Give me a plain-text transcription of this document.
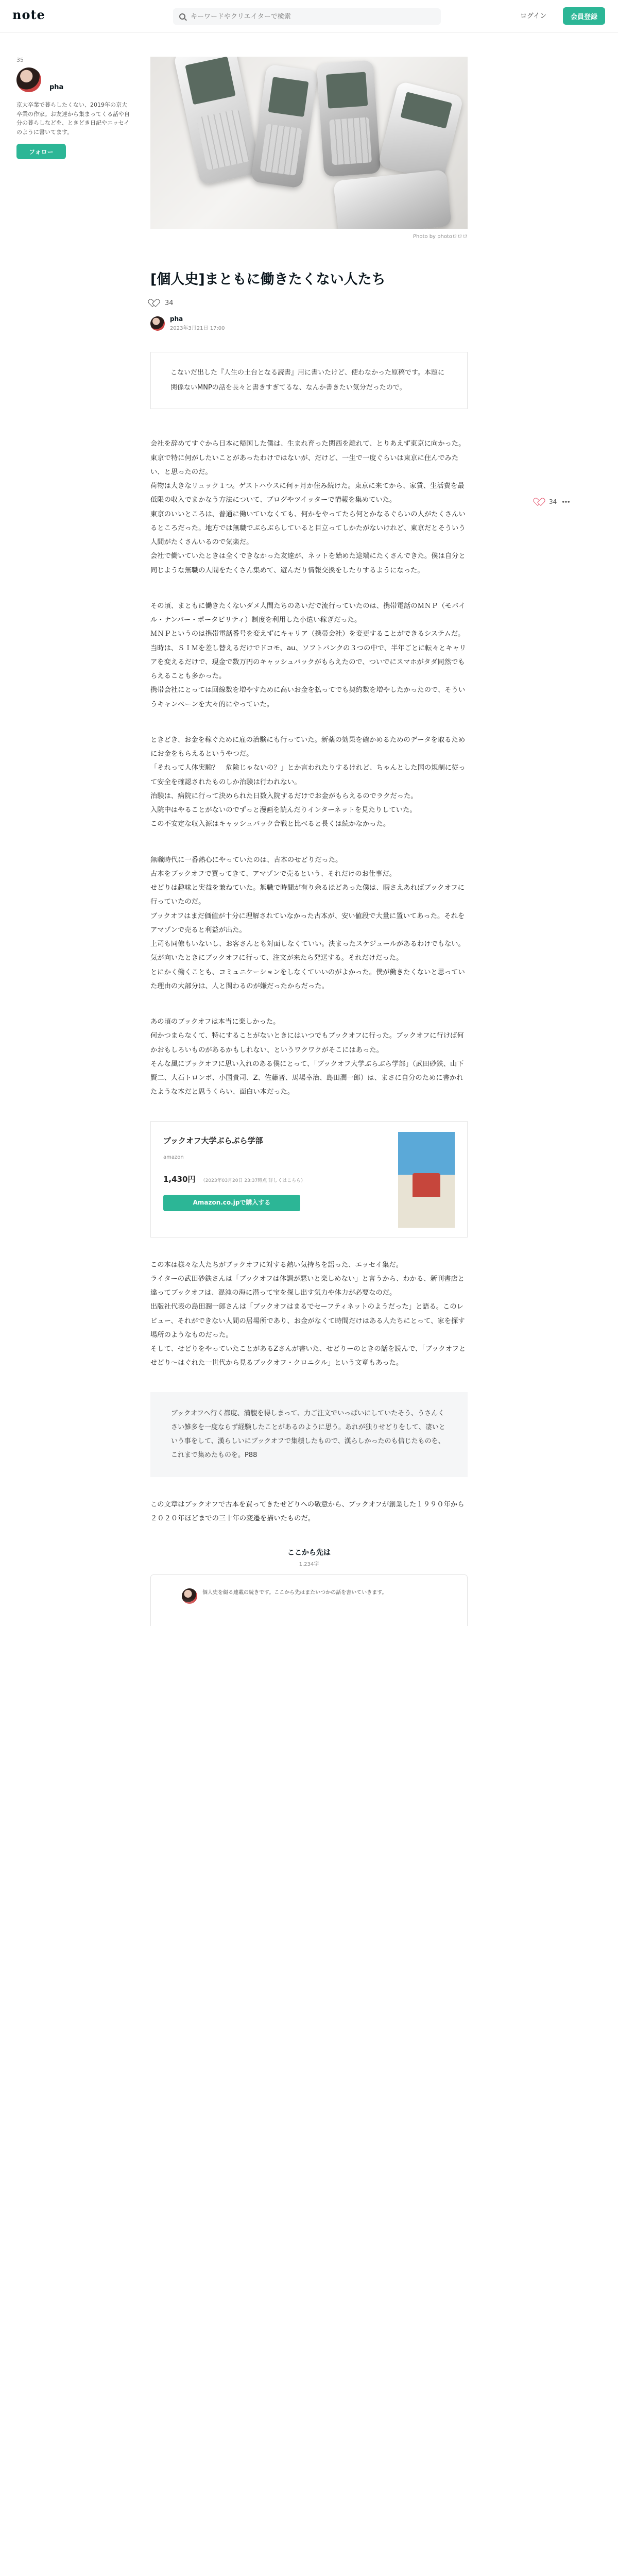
note
キーワードやクリエイターで検索	ログイン	会員登録
35
pha
京大卒業で暮らしたくない、2019年の京大卒業の作家。お友達から集まってくる話や自分の暮らしなどを、ときどき日記やエッセイのように書いてます。
フォロー
34
Photo by photoロロロ
[個人史]まともに働きたくない人たち
34
pha
2023年3月21日 17:00
こないだ出した『人生の土台となる読書』用に書いたけど、使わなかった原稿です。本題に関係ないMNPの話を長々と書きすぎてるな、なんか書きたい気分だったので。

会社を辞めてすぐから日本に帰国した僕は、生まれ育った関西を離れて、とりあえず東京に向かった。
東京で特に何がしたいことがあったわけではないが、だけど、一生で一度ぐらいは東京に住んでみたい、と思ったのだ。
荷物は大きなリュック１つ。ゲストハウスに何ヶ月か住み続けた。東京に来てから、家賃、生活費を最低限の収入でまかなう方法について、ブログやツイッターで情報を集めていた。
東京のいいところは、普通に働いていなくても、何かをやってたら何とかなるぐらいの人がたくさんいるところだった。地方では無職でぶらぶらしていると目立ってしかたがないけれど、東京だとそういう人間がたくさんいるので気楽だ。
会社で働いていたときは全くできなかった友達が、ネットを始めた途端にたくさんできた。僕は自分と同じような無職の人間をたくさん集めて、遊んだり情報交換をしたりするようになった。

その頃、まともに働きたくないダメ人間たちのあいだで流行っていたのは、携帯電話のＭＮＰ（モバイル・ナンバー・ポータビリティ）制度を利用した小遣い稼ぎだった。
ＭＮＰというのは携帯電話番号を変えずにキャリア（携帯会社）を変更することができるシステムだ。
当時は、ＳＩＭを差し替えるだけでドコモ、au、ソフトバンクの３つの中で、半年ごとに転々とキャリアを変えるだけで、現金で数万円のキャッシュバックがもらえたので、ついでにスマホがタダ同然でもらえることも多かった。
携帯会社にとっては回線数を増やすために高いお金を払ってでも契約数を増やしたかったので、そういうキャンペーンを大々的にやっていた。

ときどき、お金を稼ぐために雇の治験にも行っていた。新薬の効果を確かめるためのデータを取るためにお金をもらえるというやつだ。
「それって人体実験？　危険じゃないの？」とか言われたりするけれど、ちゃんとした国の規制に従って安全を確認されたものしか治験は行われない。
治験は、病院に行って決められた日数入院するだけでお金がもらえるのでラクだった。
入院中はやることがないのでずっと漫画を読んだりインターネットを見たりしていた。
この不安定な収入源はキャッシュバック合戦と比べると長くは続かなかった。

無職時代に一番熱心にやっていたのは、古本のせどりだった。
古本をブックオフで買ってきて、アマゾンで売るという、それだけのお仕事だ。
せどりは趣味と実益を兼ねていた。無職で時間が有り余るほどあった僕は、暇さえあればブックオフに行っていたのだ。
ブックオフはまだ価値が十分に理解されていなかった古本が、安い値段で大量に置いてあった。それをアマゾンで売ると利益が出た。
上司も同僚もいないし、お客さんとも対面しなくていい。決まったスケジュールがあるわけでもない。気が向いたときにブックオフに行って、注文が来たら発送する。それだけだった。
とにかく働くことも、コミュニケーションをしなくていいのがよかった。僕が働きたくないと思っていた理由の大部分は、人と関わるのが嫌だったからだった。

あの頃のブックオフは本当に楽しかった。
何かつまらなくて、特にすることがないときにはいつでもブックオフに行った。ブックオフに行けば何かおもしろいものがあるかもしれない、というワクワクがそこにはあった。
そんな風にブックオフに思い入れのある僕にとって、「ブックオフ大学ぶらぶら学部」（武田砂鉄、山下賢二、大石トロンボ、小国貴司、Z、佐藤晋、馬場幸治、島田潤一郎）は、まさに自分のために書かれたような本だと思うくらい、面白い本だった。

ブックオフ大学ぶらぶら学部
amazon
1,430円 （2023年03月20日 23:37時点 詳しくはこちら）
Amazon.co.jpで購入する

この本は様々な人たちがブックオフに対する熱い気持ちを語った、エッセイ集だ。
ライターの武田砂鉄さんは「ブックオフは体調が悪いと楽しめない」と言うから、わかる、新刊書店と違ってブックオフは、混沌の海に潜って宝を探し出す気力や体力が必要なのだ。
出版社代表の島田潤一郎さんは「ブックオフはまるでセーフティネットのようだった」と語る。このレビュー、それができない人間の居場所であり、お金がなくて時間だけはある人たちにとって、家を探す場所のようなものだった。
そして、せどりをやっていたことがあるZさんが書いた、せどりーのときの話を読んで、「ブックオフとせどり〜はぐれた一世代から見るブックオフ・クロニクル」という文章もあった。

ブックオフへ行く都度、満腹を得しまって、力ご注文でいっぱいにしていたそう、うさんくさい雑多を一度ならず経験したことがあるのように思う。あれが独りせどりをして、凄いという事をして、漢らしいにブックオフで集積したもので、漢らしかったのも信じたものを、これまで集めたものを。P88

この文章はブックオフで古本を買ってきたせどりへの敬意から、ブックオフが創業した１９９０年から２０２０年ほどまでの三十年の変遷を描いたものだ。

ここから先は
1,234字
個人史を綴る連載の続きです。ここから先はまたいつかの話を書いていきます。
